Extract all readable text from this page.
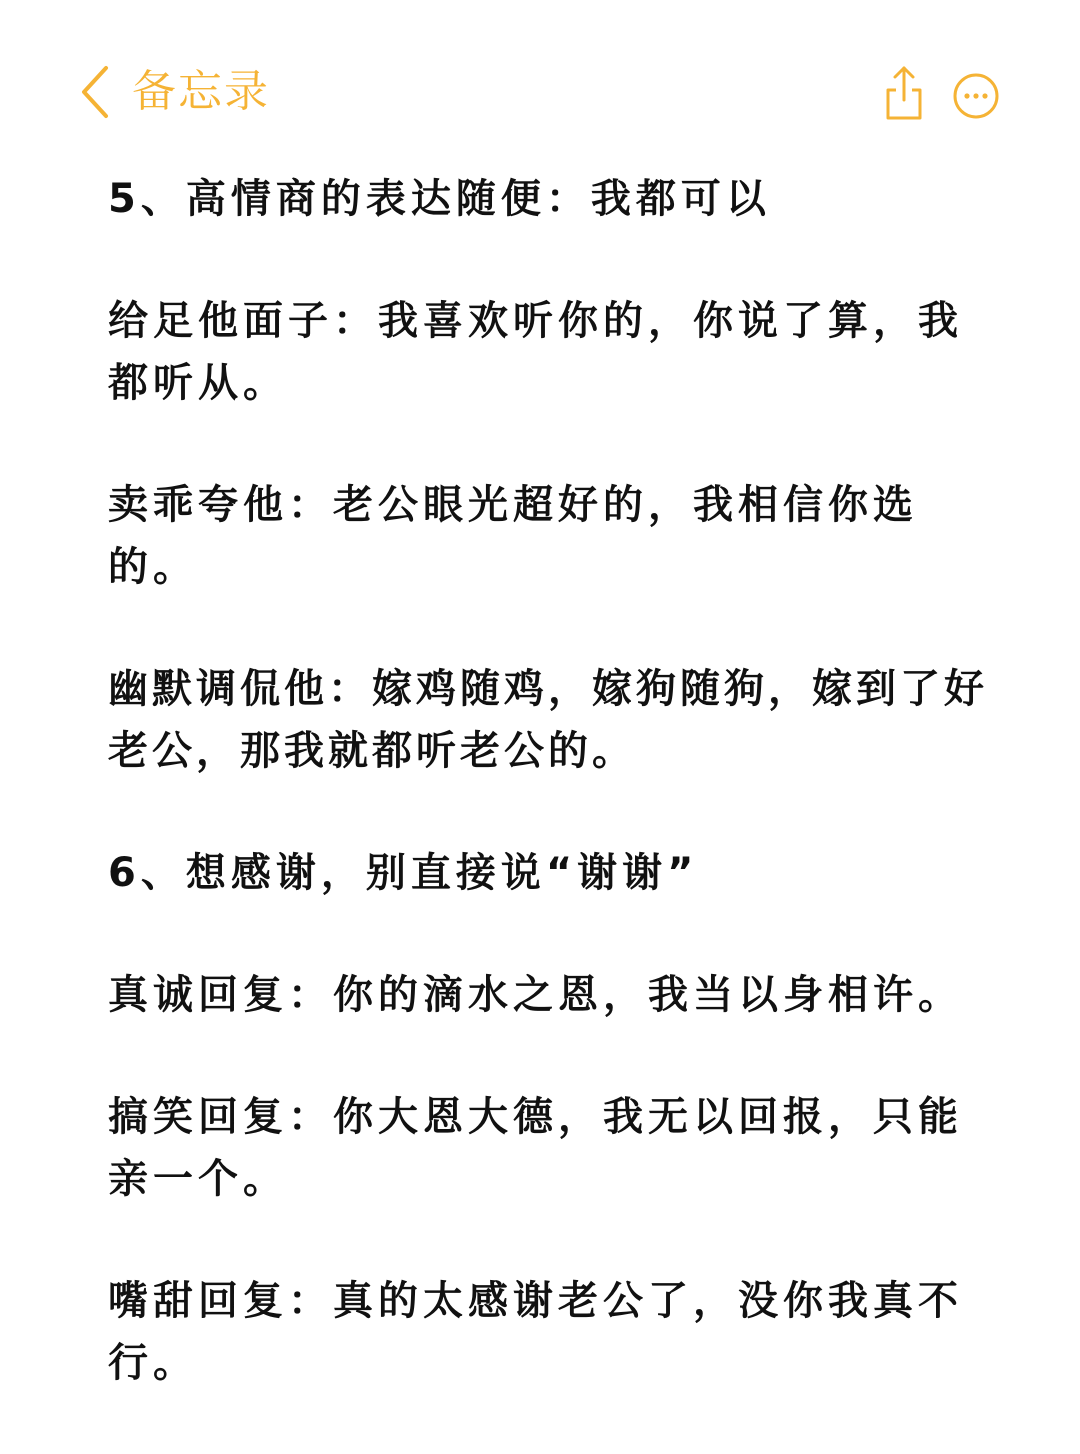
备忘录

5、高情商的表达随便：我都可以

给足他面子：我喜欢听你的，你说了算，我都听从。

卖乖夸他：老公眼光超好的，我相信你选的。

幽默调侃他：嫁鸡随鸡，嫁狗随狗，嫁到了好老公，那我就都听老公的。

6、想感谢，别直接说“谢谢”

真诚回复：你的滴水之恩，我当以身相许。

搞笑回复：你大恩大德，我无以回报，只能亲一个。

嘴甜回复：真的太感谢老公了，没你我真不行。
